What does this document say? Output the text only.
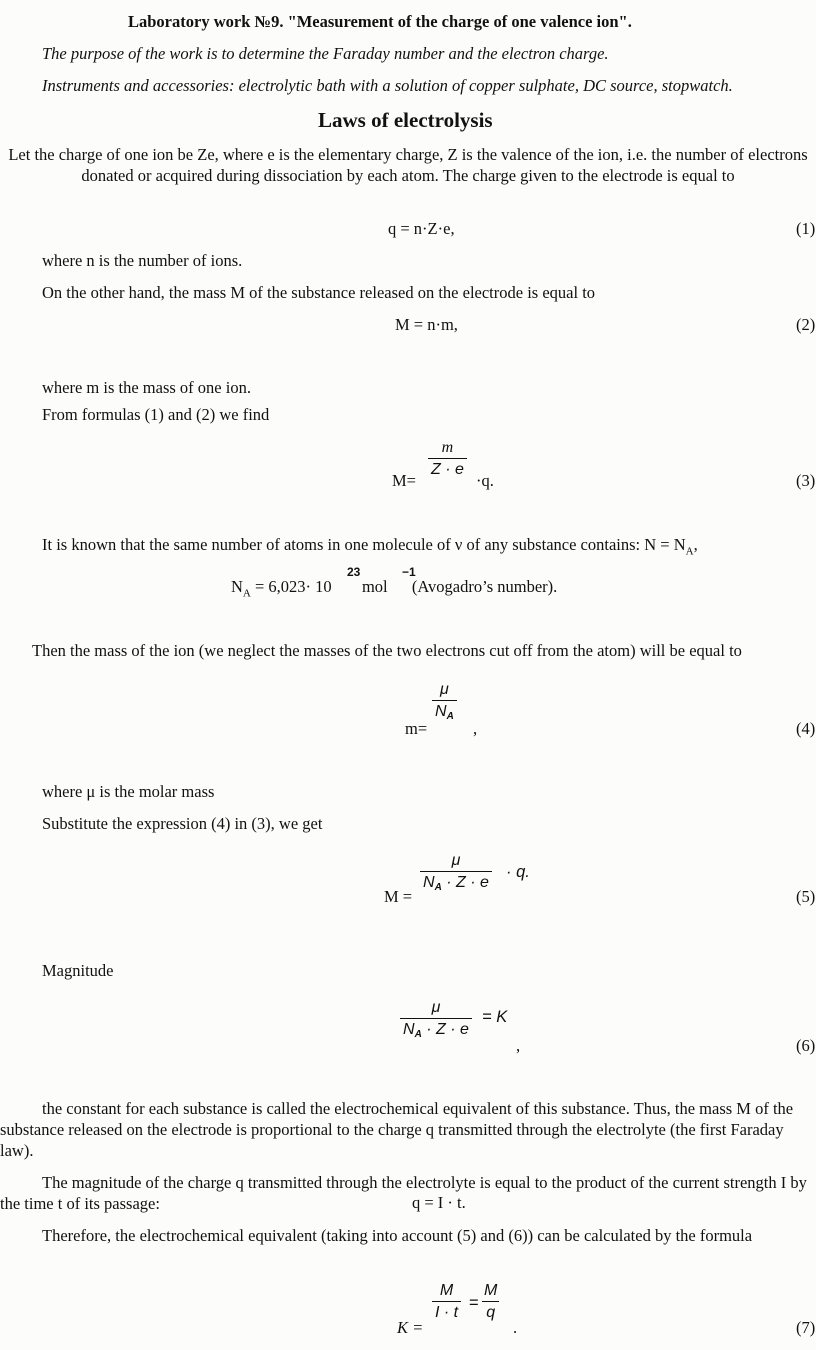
Laboratory work №9. "Measurement of the charge of one valence ion".
The purpose of the work is to determine the Faraday number and the electron charge.
Instruments and accessories: electrolytic bath with a solution of copper sulphate, DC source, stopwatch.
Laws of electrolysis
Let the charge of one ion be Ze, where e is the elementary charge, Z is the valence of the ion, i.e. the number of electrons donated or acquired during dissociation by each atom. The charge given to the electrode is equal to
q = n·Z·e,	(1)
where n is the number of ions.
On the other hand, the mass M of the substance released on the electrode is equal to
M = n·m,	(2)
where m is the mass of one ion.
From formulas (1) and (2) we find
M=
m
Z · e
·q.	(3)
It is known that the same number of atoms in one molecule of ν of any substance contains: $N = N_A$,
$N_A = 6,023\cdot 10$ mol (Avogadro’s number).
23	−1
Then the mass of the ion (we neglect the masses of the two electrons cut off from the atom) will be equal to
m=
μ
$N_A$
,	(4)
where μ is the molar mass
Substitute the expression (4) in (3), we get
M =
μ
$N_A \cdot Z \cdot e$
· q.
(5)
Magnitude
μ
$N_A \cdot Z \cdot e$
= K
,	(6)
the constant for each substance is called the electrochemical equivalent of this substance. Thus, the mass M of the substance released on the electrode is proportional to the charge q transmitted through the electrolyte (the first Faraday law).
The magnitude of the charge q transmitted through the electrolyte is equal to the product of the current strength I by the time t of its passage:	q = I · t.
Therefore, the electrochemical equivalent (taking into account (5) and (6)) can be calculated by the formula
K =
M
I · t
=
M
q
.	(7)
